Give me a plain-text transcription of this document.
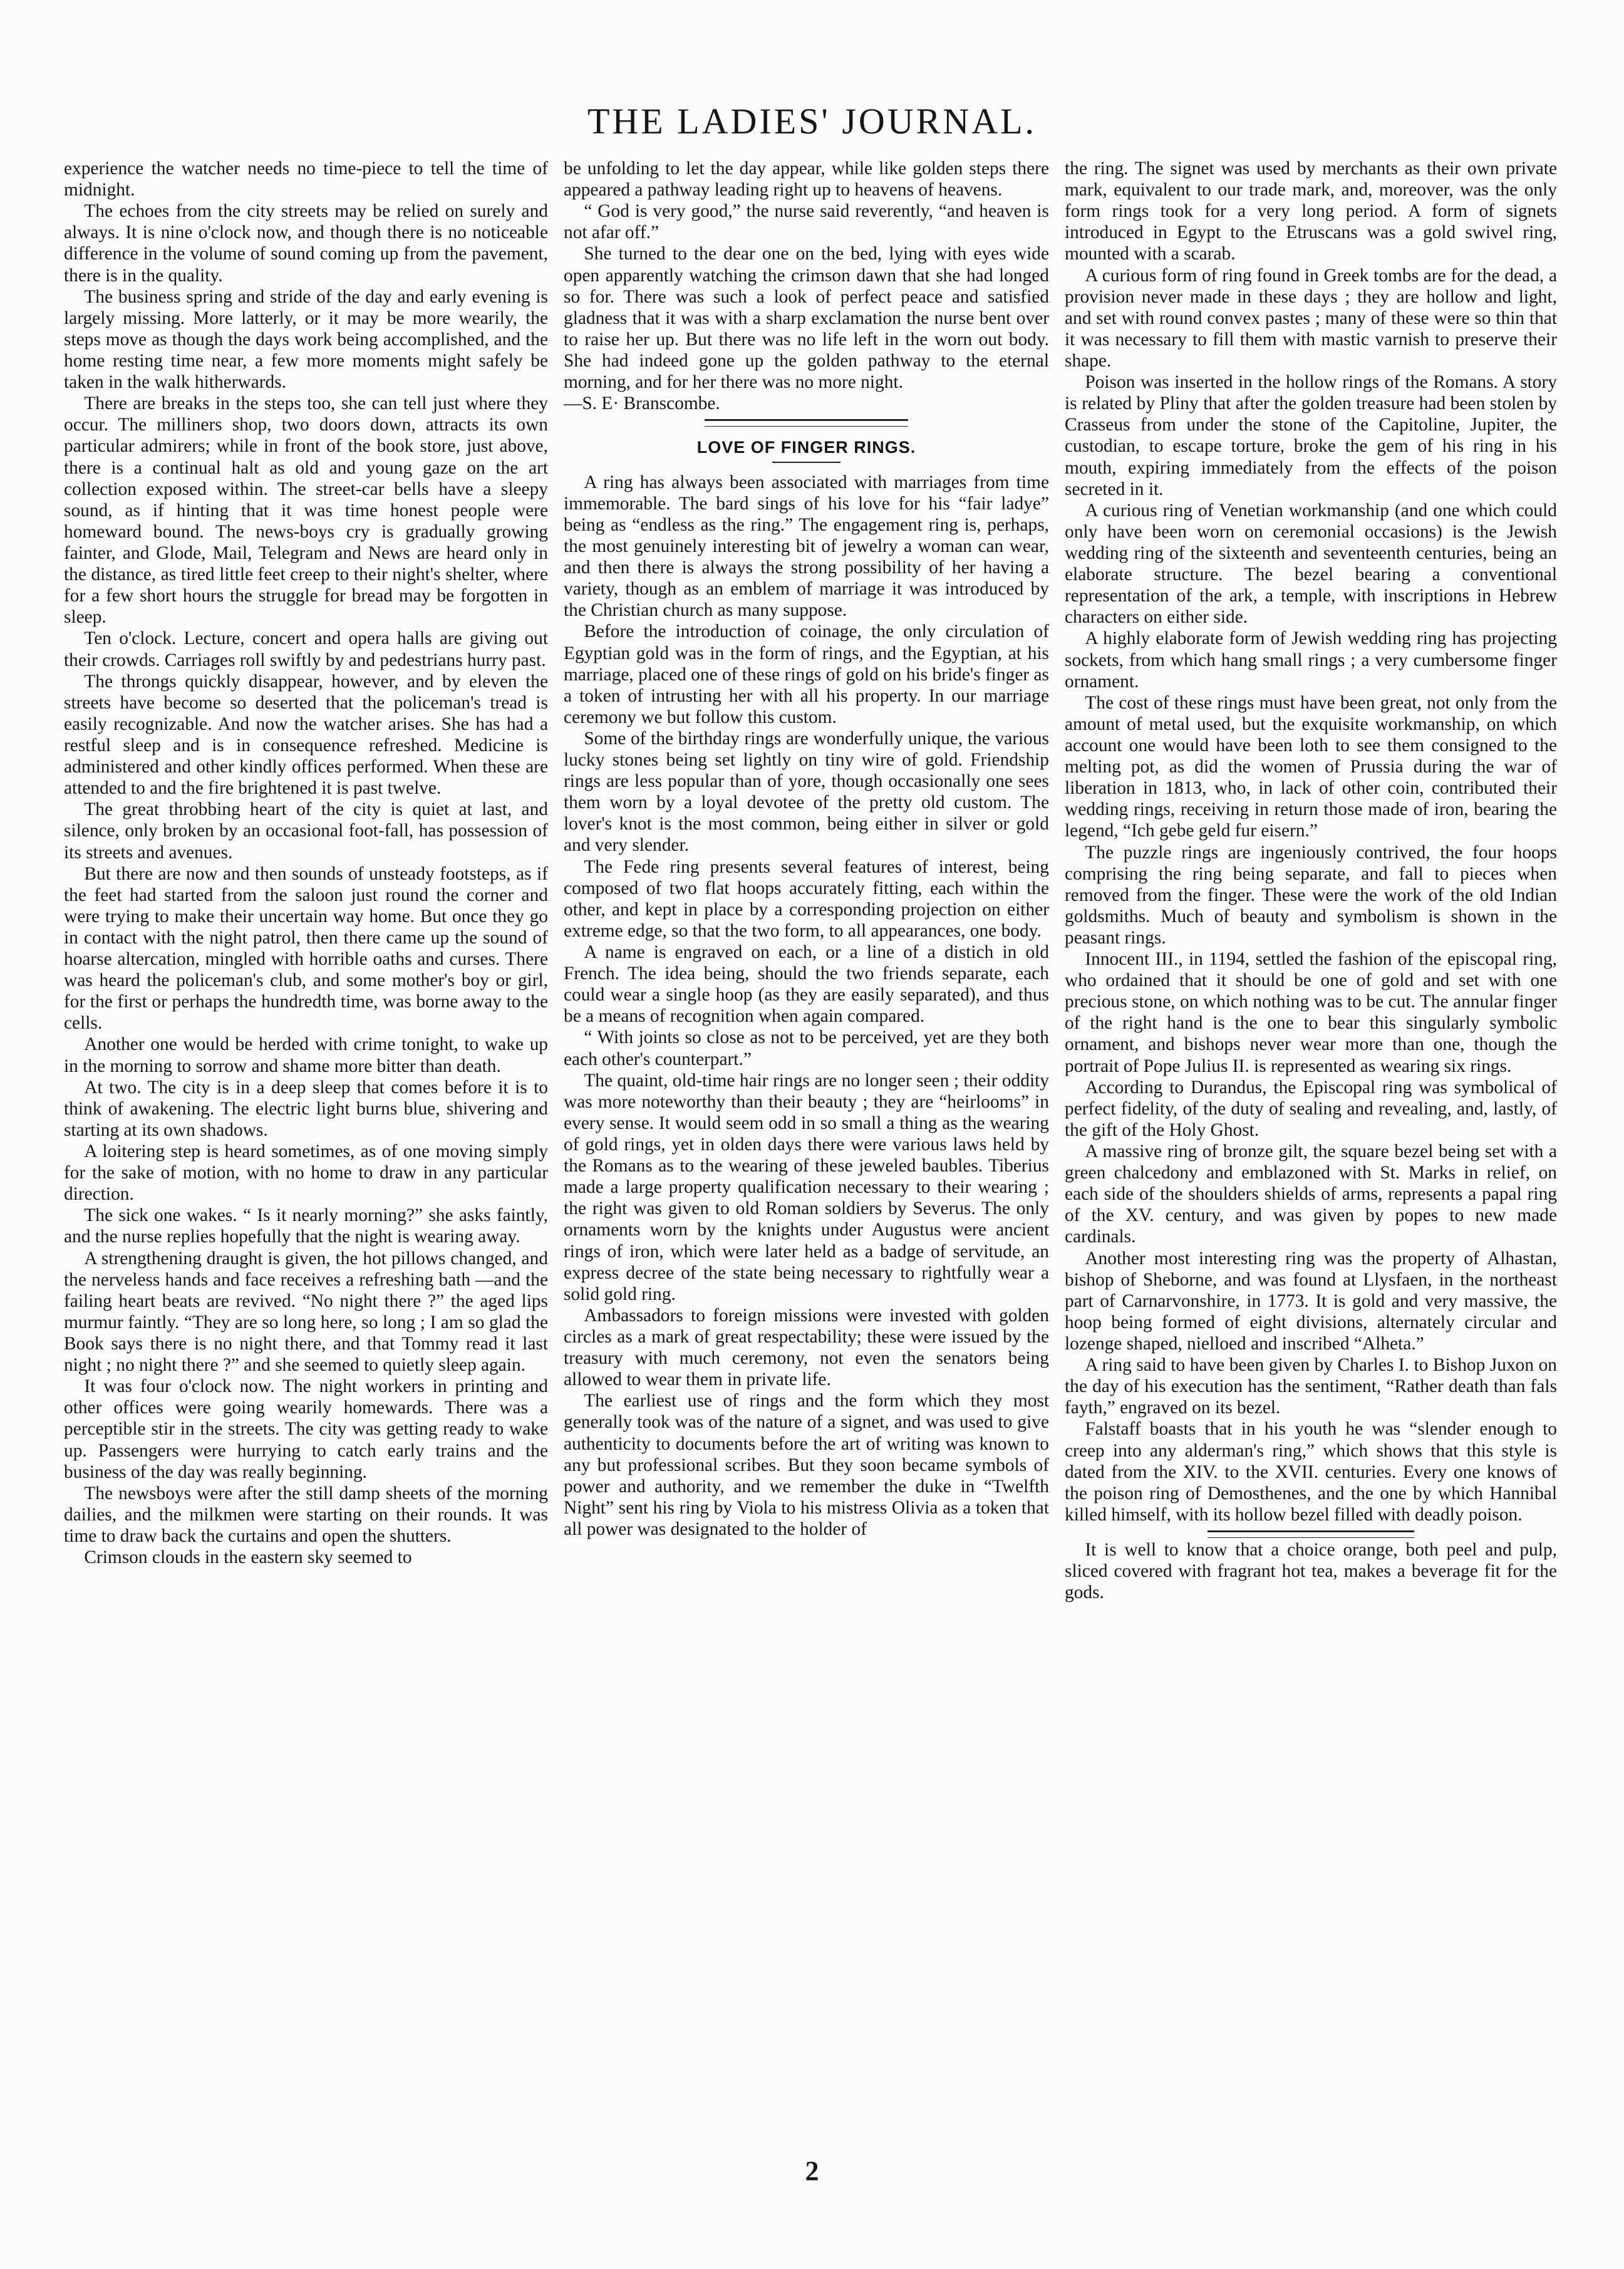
THE LADIES' JOURNAL.

experience the watcher needs no time-piece to tell the time of midnight.

The echoes from the city streets may be relied on surely and always. It is nine o'clock now, and though there is no noticeable difference in the volume of sound coming up from the pavement, there is in the quality.

The business spring and stride of the day and early evening is largely missing. More latterly, or it may be more wearily, the steps move as though the days work being accomplished, and the home resting time near, a few more moments might safely be taken in the walk hitherwards.

There are breaks in the steps too, she can tell just where they occur. The milliners shop, two doors down, attracts its own particular admirers; while in front of the book store, just above, there is a continual halt as old and young gaze on the art collection exposed within. The street-car bells have a sleepy sound, as if hinting that it was time honest people were homeward bound. The news-boys cry is gradually growing fainter, and Glode, Mail, Telegram and News are heard only in the distance, as tired little feet creep to their night's shelter, where for a few short hours the struggle for bread may be forgotten in sleep.

Ten o'clock. Lecture, concert and opera halls are giving out their crowds. Carriages roll swiftly by and pedestrians hurry past.

The throngs quickly disappear, however, and by eleven the streets have become so deserted that the policeman's tread is easily recognizable. And now the watcher arises. She has had a restful sleep and is in consequence refreshed. Medicine is administered and other kindly offices performed. When these are attended to and the fire brightened it is past twelve.

The great throbbing heart of the city is quiet at last, and silence, only broken by an occasional foot-fall, has possession of its streets and avenues.

But there are now and then sounds of unsteady footsteps, as if the feet had started from the saloon just round the corner and were trying to make their uncertain way home. But once they go in contact with the night patrol, then there came up the sound of hoarse altercation, mingled with horrible oaths and curses. There was heard the policeman's club, and some mother's boy or girl, for the first or perhaps the hundredth time, was borne away to the cells.

Another one would be herded with crime tonight, to wake up in the morning to sorrow and shame more bitter than death.

At two. The city is in a deep sleep that comes before it is to think of awakening. The electric light burns blue, shivering and starting at its own shadows.

A loitering step is heard sometimes, as of one moving simply for the sake of motion, with no home to draw in any particular direction.

The sick one wakes. “ Is it nearly morning?” she asks faintly, and the nurse replies hopefully that the night is wearing away.

A strengthening draught is given, the hot pillows changed, and the nerveless hands and face receives a refreshing bath —and the failing heart beats are revived. “No night there ?” the aged lips murmur faintly. “They are so long here, so long ; I am so glad the Book says there is no night there, and that Tommy read it last night ; no night there ?” and she seemed to quietly sleep again.

It was four o'clock now. The night workers in printing and other offices were going wearily homewards. There was a perceptible stir in the streets. The city was getting ready to wake up. Passengers were hurrying to catch early trains and the business of the day was really beginning.

The newsboys were after the still damp sheets of the morning dailies, and the milkmen were starting on their rounds. It was time to draw back the curtains and open the shutters.

Crimson clouds in the eastern sky seemed to

be unfolding to let the day appear, while like golden steps there appeared a pathway leading right up to heavens of heavens.

“ God is very good,” the nurse said reverently, “and heaven is not afar off.”

She turned to the dear one on the bed, lying with eyes wide open apparently watching the crimson dawn that she had longed so for. There was such a look of perfect peace and satisfied gladness that it was with a sharp exclamation the nurse bent over to raise her up. But there was no life left in the worn out body. She had indeed gone up the golden pathway to the eternal morning, and for her there was no more night.

—S. E· Branscombe.

LOVE OF FINGER RINGS.

A ring has always been associated with marriages from time immemorable. The bard sings of his love for his “fair ladye” being as “endless as the ring.” The engagement ring is, perhaps, the most genuinely interesting bit of jewelry a woman can wear, and then there is always the strong possibility of her having a variety, though as an emblem of marriage it was introduced by the Christian church as many suppose.

Before the introduction of coinage, the only circulation of Egyptian gold was in the form of rings, and the Egyptian, at his marriage, placed one of these rings of gold on his bride's finger as a token of intrusting her with all his property. In our marriage ceremony we but follow this custom.

Some of the birthday rings are wonderfully unique, the various lucky stones being set lightly on tiny wire of gold. Friendship rings are less popular than of yore, though occasionally one sees them worn by a loyal devotee of the pretty old custom. The lover's knot is the most common, being either in silver or gold and very slender.

The Fede ring presents several features of interest, being composed of two flat hoops accurately fitting, each within the other, and kept in place by a corresponding projection on either extreme edge, so that the two form, to all appearances, one body.

A name is engraved on each, or a line of a distich in old French. The idea being, should the two friends separate, each could wear a single hoop (as they are easily separated), and thus be a means of recognition when again compared.

“ With joints so close as not to be perceived, yet are they both each other's counterpart.”

The quaint, old-time hair rings are no longer seen ; their oddity was more noteworthy than their beauty ; they are “heirlooms” in every sense. It would seem odd in so small a thing as the wearing of gold rings, yet in olden days there were various laws held by the Romans as to the wearing of these jeweled baubles. Tiberius made a large property qualification necessary to their wearing ; the right was given to old Roman soldiers by Severus. The only ornaments worn by the knights under Augustus were ancient rings of iron, which were later held as a badge of servitude, an express decree of the state being necessary to rightfully wear a solid gold ring.

Ambassadors to foreign missions were invested with golden circles as a mark of great respectability; these were issued by the treasury with much ceremony, not even the senators being allowed to wear them in private life.

The earliest use of rings and the form which they most generally took was of the nature of a signet, and was used to give authenticity to documents before the art of writing was known to any but professional scribes. But they soon became symbols of power and authority, and we remember the duke in “Twelfth Night” sent his ring by Viola to his mistress Olivia as a token that all power was designated to the holder of

the ring. The signet was used by merchants as their own private mark, equivalent to our trade mark, and, moreover, was the only form rings took for a very long period. A form of signets introduced in Egypt to the Etruscans was a gold swivel ring, mounted with a scarab.

A curious form of ring found in Greek tombs are for the dead, a provision never made in these days ; they are hollow and light, and set with round convex pastes ; many of these were so thin that it was necessary to fill them with mastic varnish to preserve their shape.

Poison was inserted in the hollow rings of the Romans. A story is related by Pliny that after the golden treasure had been stolen by Crasseus from under the stone of the Capitoline, Jupiter, the custodian, to escape torture, broke the gem of his ring in his mouth, expiring immediately from the effects of the poison secreted in it.

A curious ring of Venetian workmanship (and one which could only have been worn on ceremonial occasions) is the Jewish wedding ring of the sixteenth and seventeenth centuries, being an elaborate structure. The bezel bearing a conventional representation of the ark, a temple, with inscriptions in Hebrew characters on either side.

A highly elaborate form of Jewish wedding ring has projecting sockets, from which hang small rings ; a very cumbersome finger ornament.

The cost of these rings must have been great, not only from the amount of metal used, but the exquisite workmanship, on which account one would have been loth to see them consigned to the melting pot, as did the women of Prussia during the war of liberation in 1813, who, in lack of other coin, contributed their wedding rings, receiving in return those made of iron, bearing the legend, “Ich gebe geld fur eisern.”

The puzzle rings are ingeniously contrived, the four hoops comprising the ring being separate, and fall to pieces when removed from the finger. These were the work of the old Indian goldsmiths. Much of beauty and symbolism is shown in the peasant rings.

Innocent III., in 1194, settled the fashion of the episcopal ring, who ordained that it should be one of gold and set with one precious stone, on which nothing was to be cut. The annular finger of the right hand is the one to bear this singularly symbolic ornament, and bishops never wear more than one, though the portrait of Pope Julius II. is represented as wearing six rings.

According to Durandus, the Episcopal ring was symbolical of perfect fidelity, of the duty of sealing and revealing, and, lastly, of the gift of the Holy Ghost.

A massive ring of bronze gilt, the square bezel being set with a green chalcedony and emblazoned with St. Marks in relief, on each side of the shoulders shields of arms, represents a papal ring of the XV. century, and was given by popes to new made cardinals.

Another most interesting ring was the property of Alhastan, bishop of Sheborne, and was found at Llysfaen, in the northeast part of Carnarvonshire, in 1773. It is gold and very massive, the hoop being formed of eight divisions, alternately circular and lozenge shaped, nielloed and inscribed “Alheta.”

A ring said to have been given by Charles I. to Bishop Juxon on the day of his execution has the sentiment, “Rather death than fals fayth,” engraved on its bezel.

Falstaff boasts that in his youth he was “slender enough to creep into any alderman's ring,” which shows that this style is dated from the XIV. to the XVII. centuries. Every one knows of the poison ring of Demosthenes, and the one by which Hannibal killed himself, with its hollow bezel filled with deadly poison.

It is well to know that a choice orange, both peel and pulp, sliced covered with fragrant hot tea, makes a beverage fit for the gods.

2
